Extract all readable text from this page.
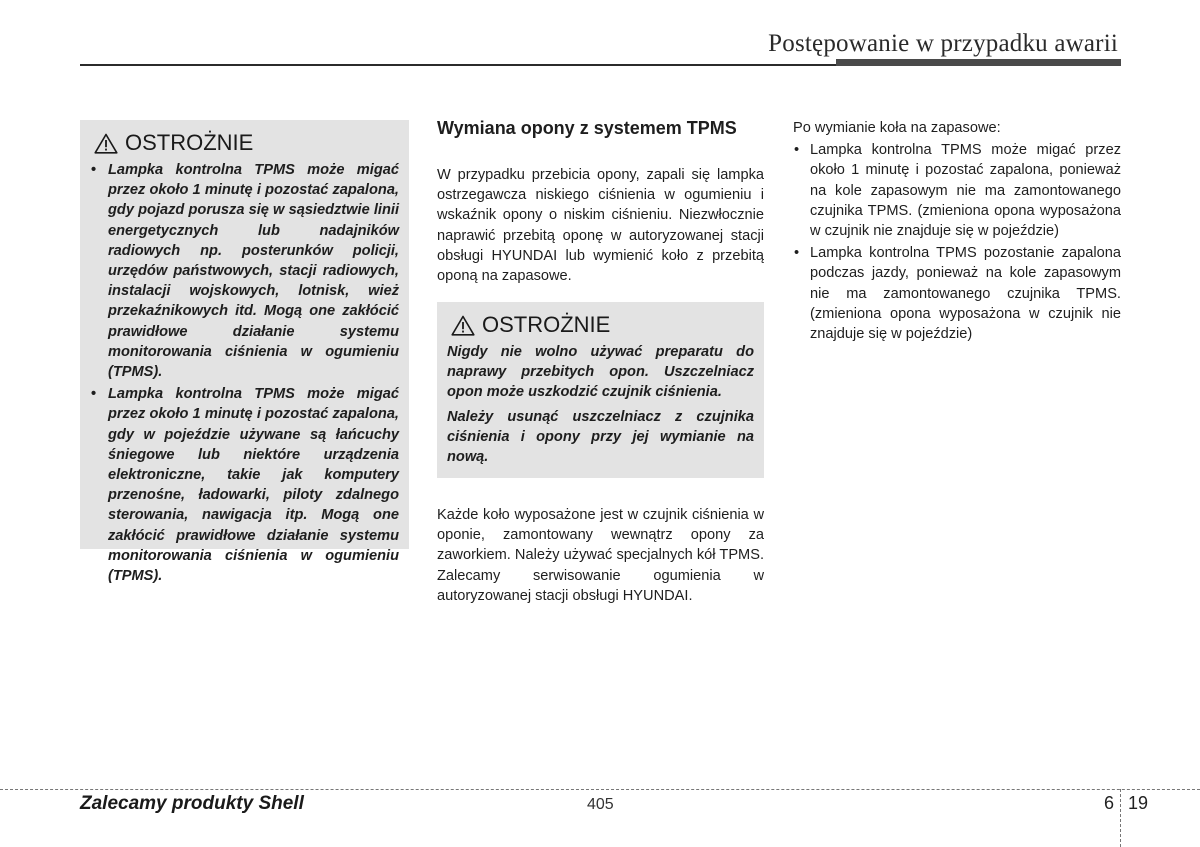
Postępowanie w przypadku awarii
OSTROŻNIE
• Lampka kontrolna TPMS może migać przez około 1 minutę i pozostać zapalona, gdy pojazd porusza się w sąsiedztwie linii energetycznych lub nadajników radiowych np. posterunków policji, urzędów państwowych, stacji radiowych, instalacji wojskowych, lotnisk, wież przekaźnikowych itd. Mogą one zakłócić prawidłowe działanie systemu monitorowania ciśnienia w ogumieniu (TPMS).
• Lampka kontrolna TPMS może migać przez około 1 minutę i pozostać zapalona, gdy w pojeździe używane są łańcuchy śniegowe lub niektóre urządzenia elektroniczne, takie jak komputery przenośne, ładowarki, piloty zdalnego sterowania, nawigacja itp. Mogą one zakłócić prawidłowe działanie systemu monitorowania ciśnienia w ogumieniu (TPMS).
Wymiana opony z systemem TPMS
W przypadku przebicia opony, zapali się lampka ostrzegawcza niskiego ciśnienia w ogumieniu i wskaźnik opony o niskim ciśnieniu. Niezwłocznie naprawić przebitą oponę w autoryzowanej stacji obsługi HYUNDAI lub wymienić koło z przebitą oponą na zapasowe.
OSTROŻNIE

Nigdy nie wolno używać preparatu do naprawy przebitych opon. Uszczelniacz opon może uszkodzić czujnik ciśnienia.

Należy usunąć uszczelniacz z czujnika ciśnienia i opony przy jej wymianie na nową.

Każde koło wyposażone jest w czujnik ciśnienia w oponie, zamontowany wewnątrz opony za zaworkiem. Należy używać specjalnych kół TPMS. Zalecamy serwisowanie ogumienia w autoryzowanej stacji obsługi HYUNDAI.

Po wymianie koła na zapasowe:

• Lampka kontrolna TPMS może migać przez około 1 minutę i pozostać zapalona, ponieważ na kole zapasowym nie ma zamontowanego czujnika TPMS. (zmieniona opona wyposażona w czujnik nie znajduje się w pojeździe)
• Lampka kontrolna TPMS pozostanie zapalona podczas jazdy, ponieważ na kole zapasowym nie ma zamontowanego czujnika TPMS. (zmieniona opona wyposażona w czujnik nie znajduje się w pojeździe)
Zalecamy produkty Shell	405	6 19
